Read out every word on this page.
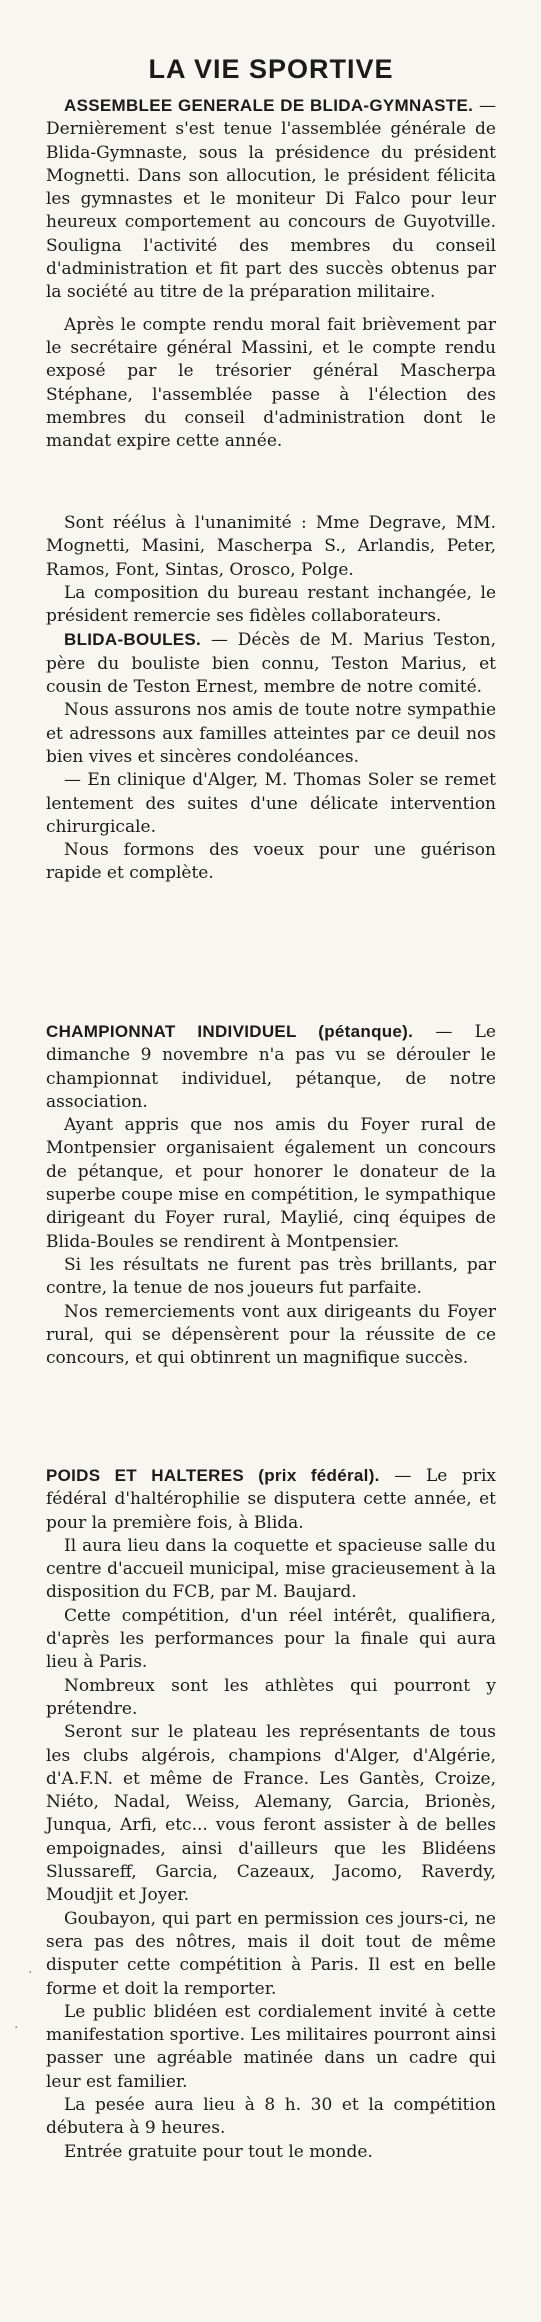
·
·
LA VIE SPORTIVE

ASSEMBLEE GENERALE DE BLIDA-GYMNASTE. — Dernièrement s'est tenue l'assemblée générale de Blida-Gymnaste, sous la présidence du président Mognetti. Dans son allocution, le président félicita les gymnastes et le moniteur Di Falco pour leur heureux comportement au concours de Guyotville. Souligna l'activité des membres du conseil d'administration et fit part des succès obtenus par la société au titre de la préparation militaire.

Après le compte rendu moral fait brièvement par le secrétaire général Massini, et le compte rendu exposé par le trésorier général Mascherpa Stéphane, l'assemblée passe à l'élection des membres du conseil d'administration dont le mandat expire cette année.

Sont réélus à l'unanimité : Mme Degrave, MM. Mognetti, Masini, Mascherpa S., Arlandis, Peter, Ramos, Font, Sintas, Orosco, Polge.

La composition du bureau restant inchangée, le président remercie ses fidèles collaborateurs.

BLIDA-BOULES. — Décès de M. Marius Teston, père du bouliste bien connu, Teston Marius, et cousin de Teston Ernest, membre de notre comité.

Nous assurons nos amis de toute notre sympathie et adressons aux familles atteintes par ce deuil nos bien vives et sincères condoléances.

— En clinique d'Alger, M. Thomas Soler se remet lentement des suites d'une délicate intervention chirurgicale.

Nous formons des voeux pour une guérison rapide et complète.

CHAMPIONNAT INDIVIDUEL (pétanque). — Le dimanche 9 novembre n'a pas vu se dérouler le championnat individuel, pétanque, de notre association.

Ayant appris que nos amis du Foyer rural de Montpensier organisaient également un concours de pétanque, et pour honorer le donateur de la superbe coupe mise en compétition, le sympathique dirigeant du Foyer rural, Maylié, cinq équipes de Blida-Boules se rendirent à Montpensier.

Si les résultats ne furent pas très brillants, par contre, la tenue de nos joueurs fut parfaite.

Nos remerciements vont aux dirigeants du Foyer rural, qui se dépensèrent pour la réussite de ce concours, et qui obtinrent un magnifique succès.

POIDS ET HALTERES (prix fédéral). — Le prix fédéral d'haltérophilie se disputera cette année, et pour la première fois, à Blida.

Il aura lieu dans la coquette et spacieuse salle du centre d'accueil municipal, mise gracieusement à la disposition du FCB, par M. Baujard.

Cette compétition, d'un réel intérêt, qualifiera, d'après les performances pour la finale qui aura lieu à Paris.

Nombreux sont les athlètes qui pourront y prétendre.

Seront sur le plateau les représentants de tous les clubs algérois, champions d'Alger, d'Algérie, d'A.F.N. et même de France. Les Gantès, Croize, Niéto, Nadal, Weiss, Alemany, Garcia, Brionès, Junqua, Arfi, etc... vous feront assister à de belles empoignades, ainsi d'ailleurs que les Blidéens Slussareff, Garcia, Cazeaux, Jacomo, Raverdy, Moudjit et Joyer.

Goubayon, qui part en permission ces jours-ci, ne sera pas des nôtres, mais il doit tout de même disputer cette compétition à Paris. Il est en belle forme et doit la remporter.

Le public blidéen est cordialement invité à cette manifestation sportive. Les militaires pourront ainsi passer une agréable matinée dans un cadre qui leur est familier.

La pesée aura lieu à 8 h. 30 et la compétition débutera à 9 heures.

Entrée gratuite pour tout le monde.
